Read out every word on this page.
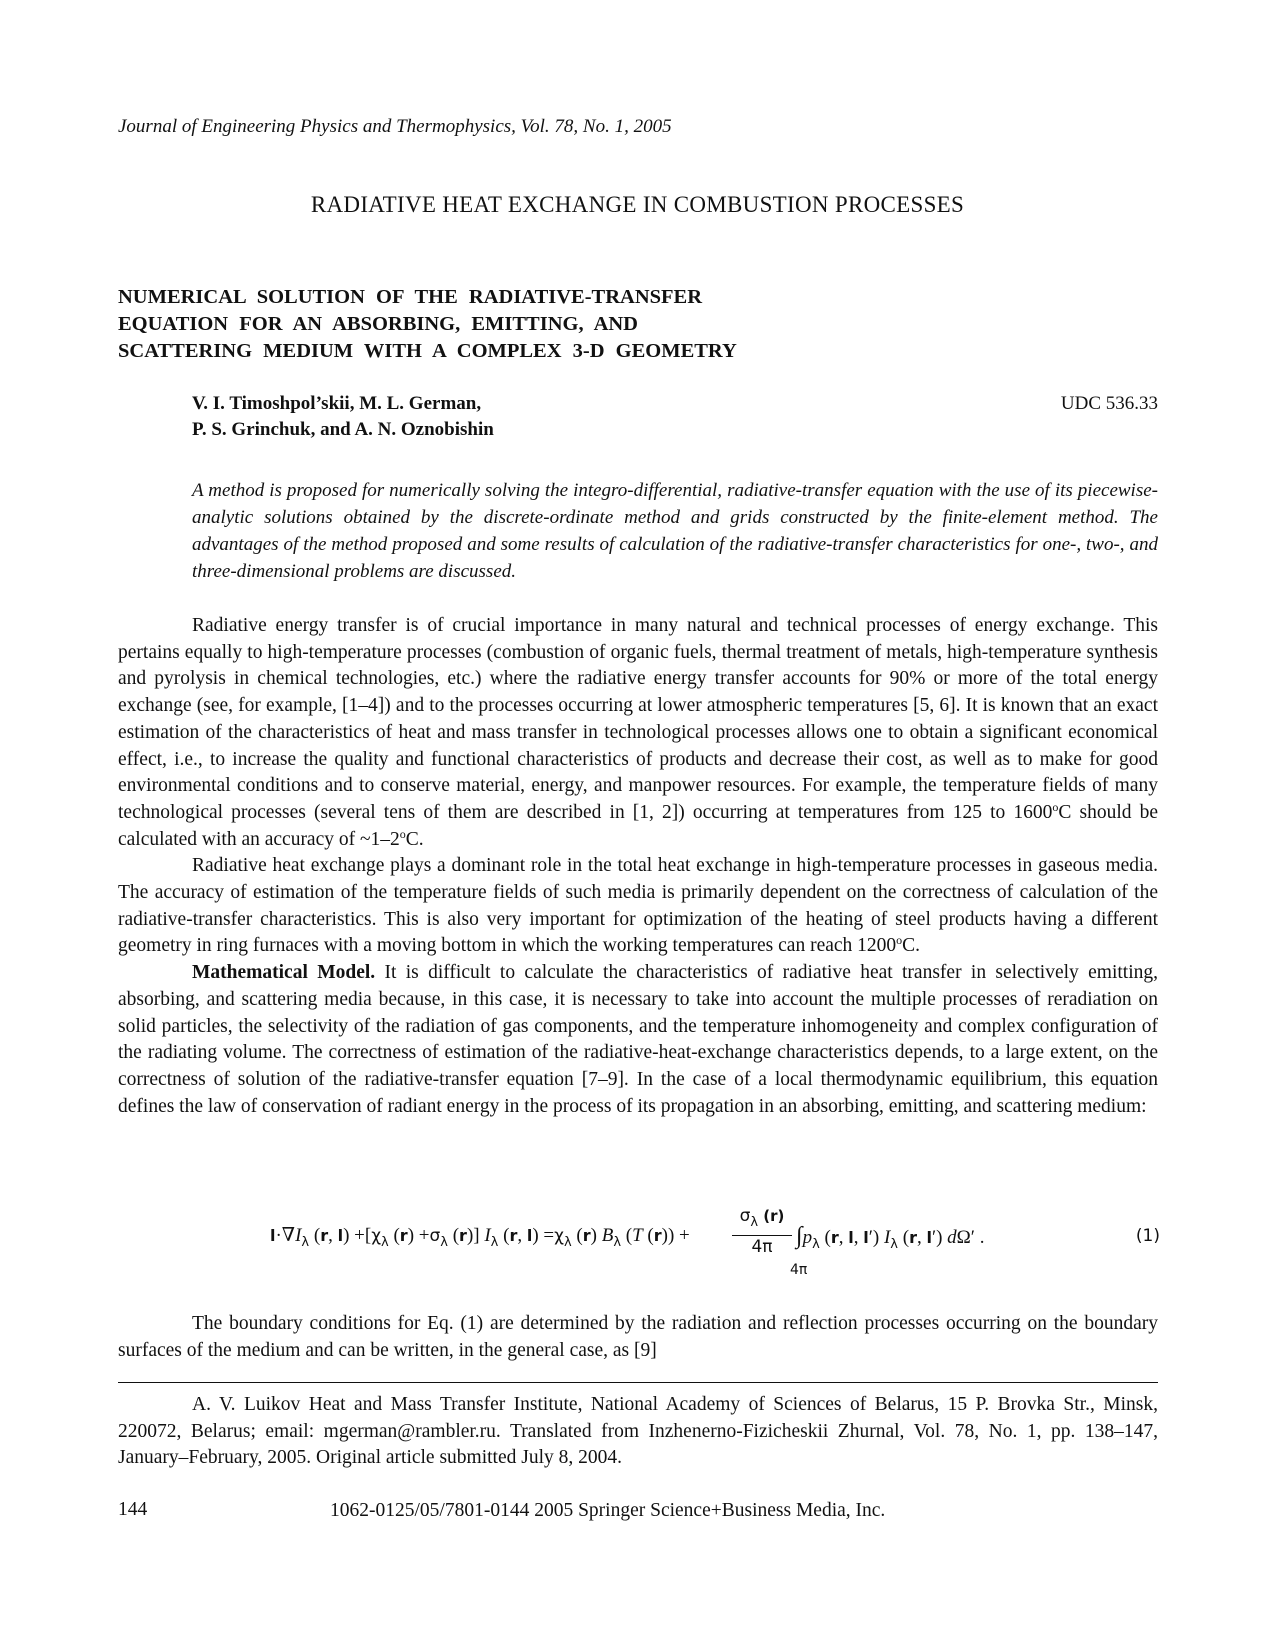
Journal of Engineering Physics and Thermophysics, Vol. 78, No. 1, 2005
RADIATIVE HEAT EXCHANGE IN COMBUSTION PROCESSES
NUMERICAL SOLUTION OF THE RADIATIVE-TRANSFER
EQUATION FOR AN ABSORBING, EMITTING, AND
SCATTERING MEDIUM WITH A COMPLEX 3-D GEOMETRY
V. I. Timoshpol’skii, M. L. German,
P. S. Grinchuk, and A. N. Oznobishin
UDC 536.33
A method is proposed for numerically solving the integro-differential, radiative-transfer equation with the use of its piecewise-analytic solutions obtained by the discrete-ordinate method and grids constructed by the finite-element method. The advantages of the method proposed and some results of calculation of the radiative-transfer characteristics for one-, two-, and three-dimensional problems are discussed.

Radiative energy transfer is of crucial importance in many natural and technical processes of energy exchange. This pertains equally to high-temperature processes (combustion of organic fuels, thermal treatment of metals, high-temperature synthesis and pyrolysis in chemical technologies, etc.) where the radiative energy transfer accounts for 90% or more of the total energy exchange (see, for example, [1–4]) and to the processes occurring at lower atmospheric temperatures [5, 6]. It is known that an exact estimation of the characteristics of heat and mass transfer in technological processes allows one to obtain a significant economical effect, i.e., to increase the quality and functional characteristics of products and decrease their cost, as well as to make for good environmental conditions and to conserve material, energy, and manpower resources. For example, the temperature fields of many technological processes (several tens of them are described in [1, 2]) occurring at temperatures from 125 to 1600$^o$C should be calculated with an accuracy of ~1–2$^o$C.

Radiative heat exchange plays a dominant role in the total heat exchange in high-temperature processes in gaseous media. The accuracy of estimation of the temperature fields of such media is primarily dependent on the correctness of calculation of the radiative-transfer characteristics. This is also very important for optimization of the heating of steel products having a different geometry in ring furnaces with a moving bottom in which the working temperatures can reach 1200$^o$C.

Mathematical Model. It is difficult to calculate the characteristics of radiative heat transfer in selectively emitting, absorbing, and scattering media because, in this case, it is necessary to take into account the multiple processes of reradiation on solid particles, the selectivity of the radiation of gas components, and the temperature inhomogeneity and complex configuration of the radiating volume. The correctness of estimation of the radiative-heat-exchange characteristics depends, to a large extent, on the correctness of solution of the radiative-transfer equation [7–9]. In the case of a local thermodynamic equilibrium, this equation defines the law of conservation of radiant energy in the process of its propagation in an absorbing, emitting, and scattering medium:

$l\cdot\nabla I_\lambda$ (r, $l) +[\chi_\lambda$ $(r) +\sigma_\lambda$ (r)] $I_\lambda$ (r, $l) =\chi_\lambda$ (r) $B_\lambda$ (T $(r)) + \frac{\sigma_\lambda (r)}{4\pi} \int p_\lambda$ (r, l, l′) $I_\lambda$ (r, l′) dΩ′ .
4π
(1)

The boundary conditions for Eq. (1) are determined by the radiation and reflection processes occurring on the boundary surfaces of the medium and can be written, in the general case, as [9]

A. V. Luikov Heat and Mass Transfer Institute, National Academy of Sciences of Belarus, 15 P. Brovka Str., Minsk, 220072, Belarus; email: mgerman@rambler.ru. Translated from Inzhenerno-Fizicheskii Zhurnal, Vol. 78, No. 1, pp. 138–147, January–February, 2005. Original article submitted July 8, 2004.

144	1062-0125/05/7801-0144 2005 Springer Science+Business Media, Inc.
